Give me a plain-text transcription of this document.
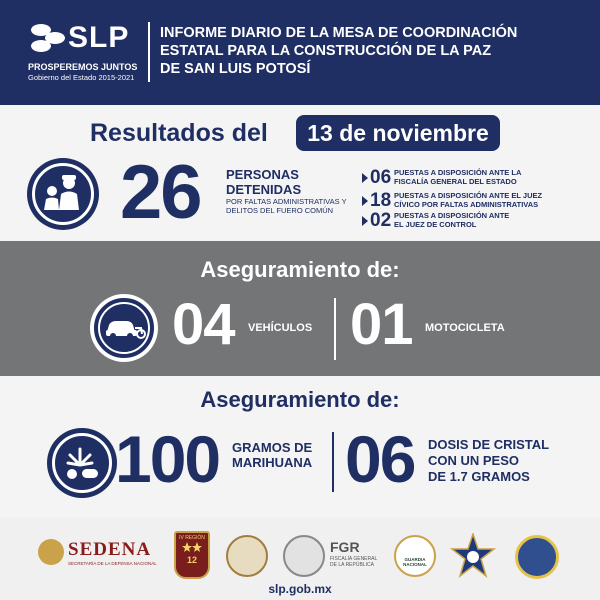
SLP
PROSPEREMOS JUNTOS
Gobierno del Estado 2015-2021
INFORME DIARIO DE LA MESA DE COORDINACIÓN
ESTATAL PARA LA CONSTRUCCIÓN DE LA PAZ
DE SAN LUIS POTOSÍ
Resultados del	13 de noviembre
26 PERSONAS
DETENIDAS
POR FALTAS ADMINISTRATIVAS Y
DELITOS DEL FUERO COMÚN
06 PUESTAS A DISPOSICIÓN ANTE LA
FISCALÍA GENERAL DEL ESTADO
18 PUESTAS A DISPOSICIÓN ANTE EL JUEZ
CÍVICO POR FALTAS ADMINISTRATIVAS
02 PUESTAS A DISPOSICIÓN ANTE
EL JUEZ DE CONTROL
Aseguramiento de:
04 VEHÍCULOS 01 MOTOCICLETA
Aseguramiento de:
100 GRAMOS DE
MARIHUANA 06 DOSIS DE CRISTAL
CON UN PESO
DE 1.7 GRAMOS
SEDENA
SECRETARÍA DE LA DEFENSA NACIONAL
IV REGIÓN
12
FGR
FISCALÍA GENERAL
DE LA REPÚBLICA
GUARDIA NACIONAL
slp.gob.mx
